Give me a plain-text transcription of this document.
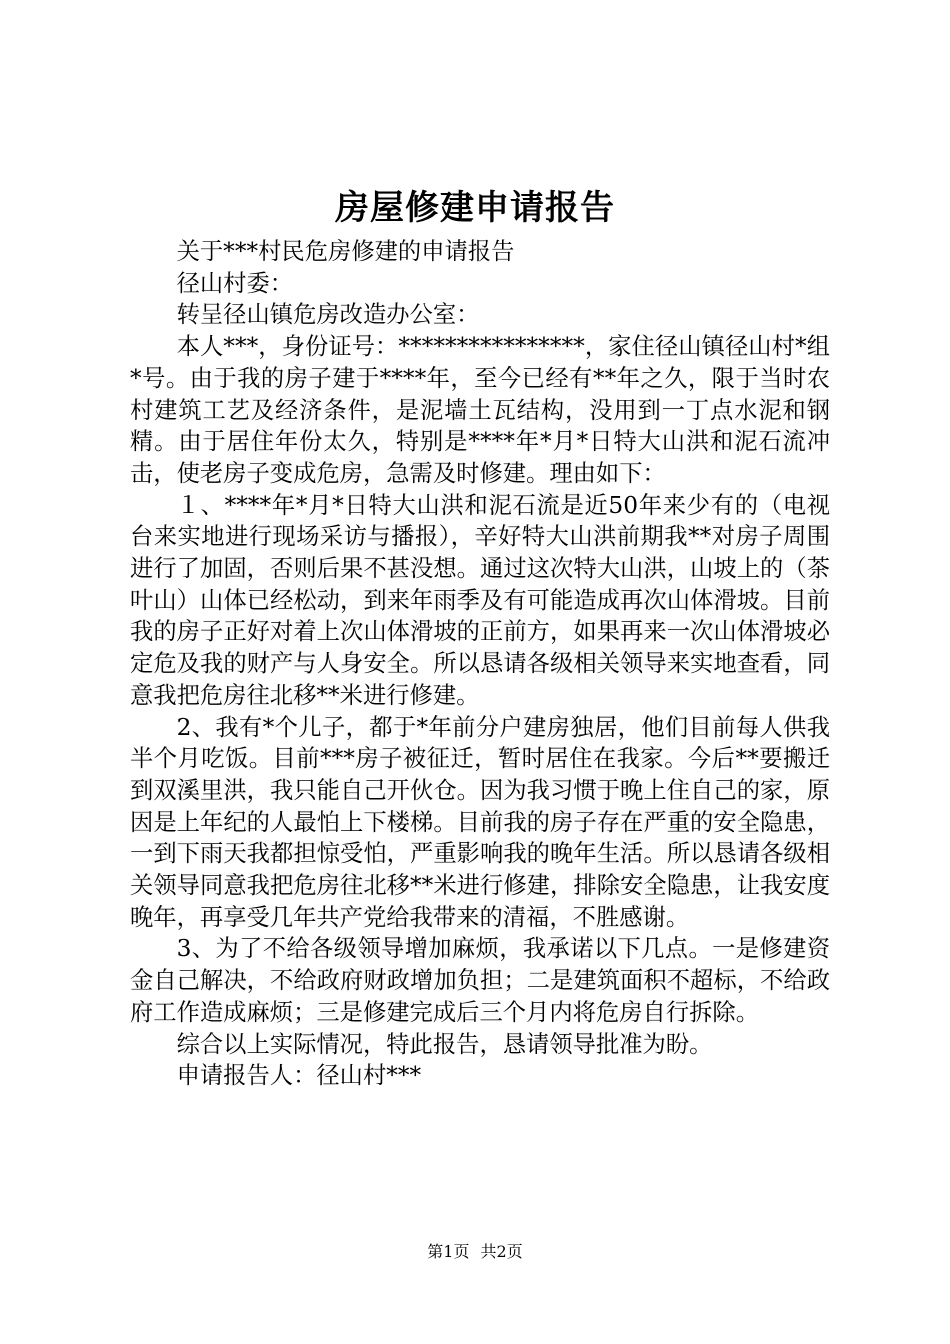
房屋修建申请报告

关于***村民危房修建的申请报告

径山村委：

转呈径山镇危房改造办公室：

本人***，身份证号：****************，家住径山镇径山村*组*号。由于我的房子建于****年，至今已经有**年之久，限于当时农村建筑工艺及经济条件，是泥墙土瓦结构，没用到一丁点水泥和钢精。由于居住年份太久，特别是****年*月*日特大山洪和泥石流冲击，使老房子变成危房，急需及时修建。理由如下：

１、****年*月*日特大山洪和泥石流是近50年来少有的（电视台来实地进行现场采访与播报），辛好特大山洪前期我**对房子周围进行了加固，否则后果不甚没想。通过这次特大山洪，山坡上的（茶叶山）山体已经松动，到来年雨季及有可能造成再次山体滑坡。目前我的房子正好对着上次山体滑坡的正前方，如果再来一次山体滑坡必定危及我的财产与人身安全。所以恳请各级相关领导来实地查看，同意我把危房往北移**米进行修建。

2、我有*个儿子，都于*年前分户建房独居，他们目前每人供我半个月吃饭。目前***房子被征迁，暂时居住在我家。今后**要搬迁到双溪里洪，我只能自己开伙仓。因为我习惯于晚上住自己的家，原因是上年纪的人最怕上下楼梯。目前我的房子存在严重的安全隐患，一到下雨天我都担惊受怕，严重影响我的晚年生活。所以恳请各级相关领导同意我把危房往北移**米进行修建，排除安全隐患，让我安度晚年，再享受几年共产党给我带来的清福，不胜感谢。

3、为了不给各级领导增加麻烦，我承诺以下几点。一是修建资金自己解决，不给政府财政增加负担；二是建筑面积不超标，不给政府工作造成麻烦；三是修建完成后三个月内将危房自行拆除。

综合以上实际情况，特此报告，恳请领导批准为盼。

申请报告人：径山村***

第1页 共2页
